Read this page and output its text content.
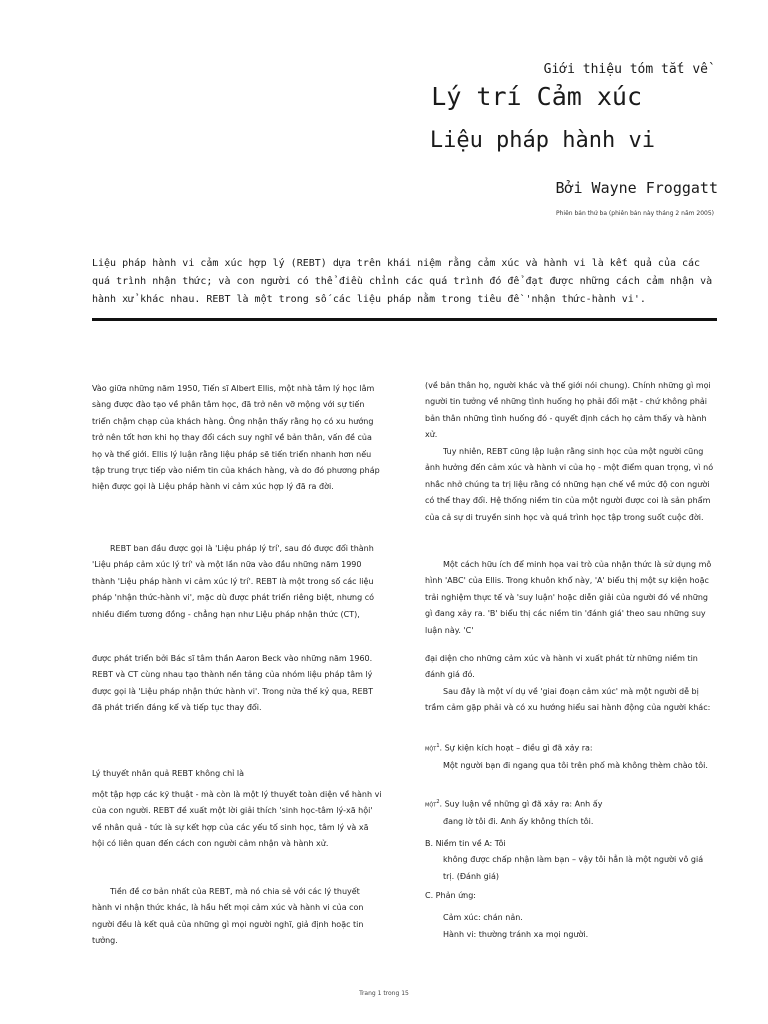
Giới thiệu tóm tắt về
Lý trí Cảm xúc
Liệu pháp hành vi
Bởi Wayne Froggatt
Phiên bản thứ ba (phiên bản này tháng 2 năm 2005)
Liệu pháp hành vi cảm xúc hợp lý (REBT) dựa trên khái niệm rằng cảm xúc và hành vi là kết quả của các quá trình nhận thức; và con người có thể điều chỉnh các quá trình đó để đạt được những cách cảm nhận và hành xử khác nhau. REBT là một trong số các liệu pháp nằm trong tiêu đề 'nhận thức-hành vi'.
Vào giữa những năm 1950, Tiến sĩ Albert Ellis, một nhà tâm lý học lâm sàng được đào tạo về phân tâm học, đã trở nên vỡ mộng với sự tiến triển chậm chạp của khách hàng. Ông nhận thấy rằng họ có xu hướng trở nên tốt hơn khi họ thay đổi cách suy nghĩ về bản thân, vấn đề của họ và thế giới. Ellis lý luận rằng liệu pháp sẽ tiến triển nhanh hơn nếu tập trung trực tiếp vào niềm tin của khách hàng, và do đó phương pháp hiện được gọi là Liệu pháp hành vi cảm xúc hợp lý đã ra đời.
REBT ban đầu được gọi là 'Liệu pháp lý trí', sau đó được đổi thành 'Liệu pháp cảm xúc lý trí' và một lần nữa vào đầu những năm 1990 thành 'Liệu pháp hành vi cảm xúc lý trí'. REBT là một trong số các liệu pháp 'nhận thức-hành vi', mặc dù được phát triển riêng biệt, nhưng có nhiều điểm tương đồng - chẳng hạn như Liệu pháp nhận thức (CT),
được phát triển bởi Bác sĩ tâm thần Aaron Beck vào những năm 1960. REBT và CT cùng nhau tạo thành nền tảng của nhóm liệu pháp tâm lý được gọi là 'Liệu pháp nhận thức hành vi'. Trong nửa thế kỷ qua, REBT đã phát triển đáng kể và tiếp tục thay đổi.
Lý thuyết nhân quả REBT không chỉ là
một tập hợp các kỹ thuật - mà còn là một lý thuyết toàn diện về hành vi của con người. REBT đề xuất một lời giải thích 'sinh học-tâm lý-xã hội' về nhân quả - tức là sự kết hợp của các yếu tố sinh học, tâm lý và xã hội có liên quan đến cách con người cảm nhận và hành xử.
Tiền đề cơ bản nhất của REBT, mà nó chia sẻ với các lý thuyết hành vi nhận thức khác, là hầu hết mọi cảm xúc và hành vi của con người đều là kết quả của những gì mọi người nghĩ, giả định hoặc tin tưởng.
(về bản thân họ, người khác và thế giới nói chung). Chính những gì mọi người tin tưởng về những tình huống họ phải đối mặt - chứ không phải bản thân những tình huống đó - quyết định cách họ cảm thấy và hành xử.
Tuy nhiên, REBT cũng lập luận rằng sinh học của một người cũng ảnh hưởng đến cảm xúc và hành vi của họ - một điểm quan trọng, vì nó nhắc nhở chúng ta trị liệu rằng có những hạn chế về mức độ con người có thể thay đổi. Hệ thống niềm tin của một người được coi là sản phẩm của cả sự di truyền sinh học và quá trình học tập trong suốt cuộc đời.
Một cách hữu ích để minh họa vai trò của nhận thức là sử dụng mô hình 'ABC' của Ellis. Trong khuôn khổ này, 'A' biểu thị một sự kiện hoặc trải nghiệm thực tế và 'suy luận' hoặc diễn giải của người đó về những gì đang xảy ra. 'B' biểu thị các niềm tin 'đánh giá' theo sau những suy luận này. 'C'
đại diện cho những cảm xúc và hành vi xuất phát từ những niềm tin đánh giá đó.
Sau đây là một ví dụ về 'giai đoạn cảm xúc' mà một người dễ bị trầm cảm gặp phải và có xu hướng hiểu sai hành động của người khác:
MỘT$^1$. Sự kiện kích hoạt – điều gì đã xảy ra:
Một người bạn đi ngang qua tôi trên phố mà không thèm chào tôi.
MỘT$^2$. Suy luận về những gì đã xảy ra: Anh ấy
đang lờ tôi đi. Anh ấy không thích tôi.
B. Niềm tin về A: Tôi
không được chấp nhận làm bạn – vậy tôi hẳn là một người vô giá trị. (Đánh giá)
C. Phản ứng:
Cảm xúc: chán nản.
Hành vi: thường tránh xa mọi người.
Trang 1 trong 15
